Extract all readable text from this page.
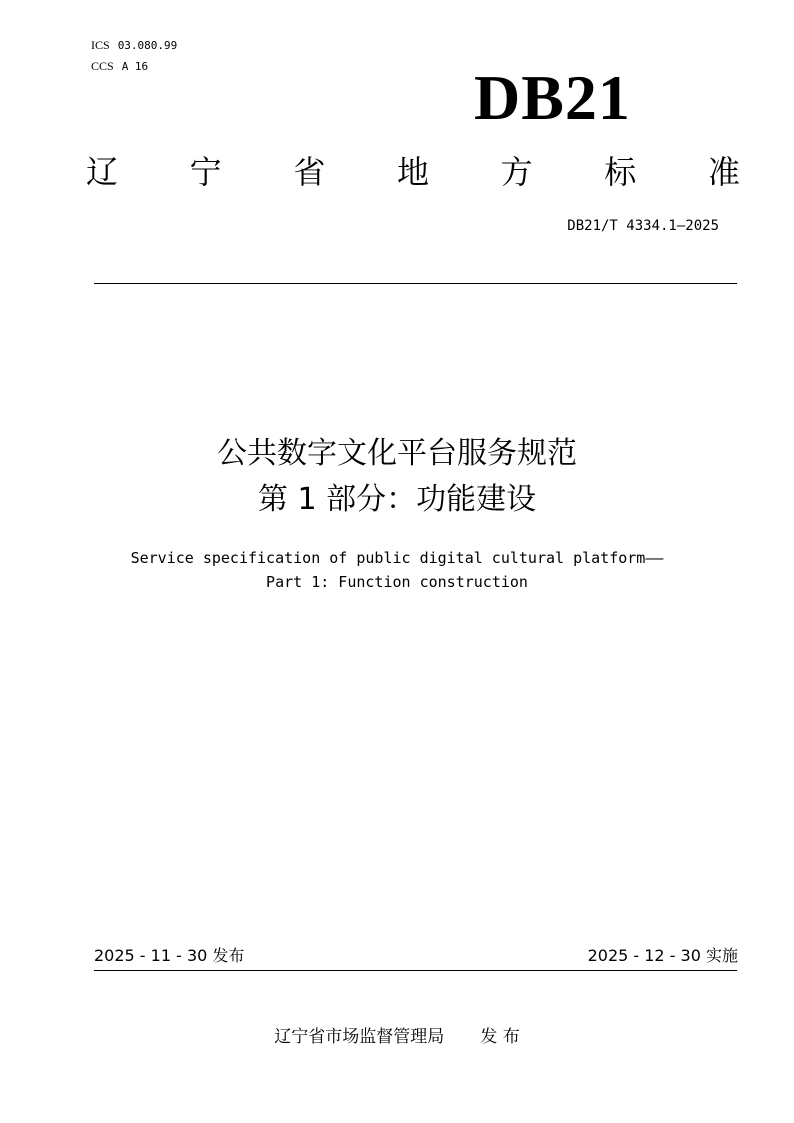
ICS 03.080.99
CCS A 16	DB21
辽 宁 省 地 方 标 准
DB21/T 4334.1—2025
公共数字文化平台服务规范
第 1 部分：功能建设
Service specification of public digital cultural platform——
Part 1: Function construction
2025 - 11 - 30 发布	2025 - 12 - 30 实施
辽宁省市场监督管理局 发 布
